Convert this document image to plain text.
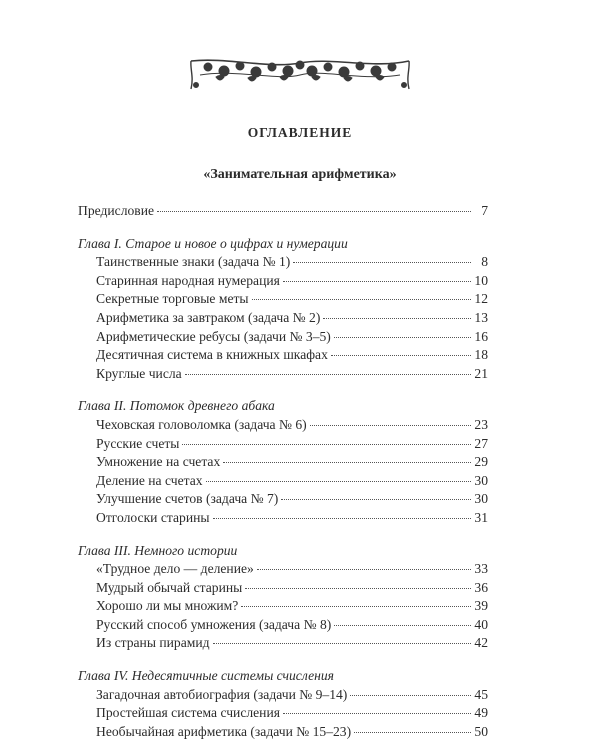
ОГЛАВЛЕНИЕ
«Занимательная арифметика»
Предисловие	7
Глава I. Старое и новое о цифрах и нумерации
Таинственные знаки (задача № 1)	8
Старинная народная нумерация	10
Секретные торговые меты	12
Арифметика за завтраком (задача № 2)	13
Арифметические ребусы (задачи № 3–5)	16
Десятичная система в книжных шкафах	18
Круглые числа	21
Глава II. Потомок древнего абака
Чеховская головоломка (задача № 6)	23
Русские счеты	27
Умножение на счетах	29
Деление на счетах	30
Улучшение счетов (задача № 7)	30
Отголоски старины	31
Глава III. Немного истории
«Трудное дело — деление»	33
Мудрый обычай старины	36
Хорошо ли мы множим?	39
Русский способ умножения (задача № 8)	40
Из страны пирамид	42
Глава IV. Недесятичные системы счисления
Загадочная автобиография (задачи № 9–14)	45
Простейшая система счисления	49
Необычайная арифметика (задачи № 15–23)	50
